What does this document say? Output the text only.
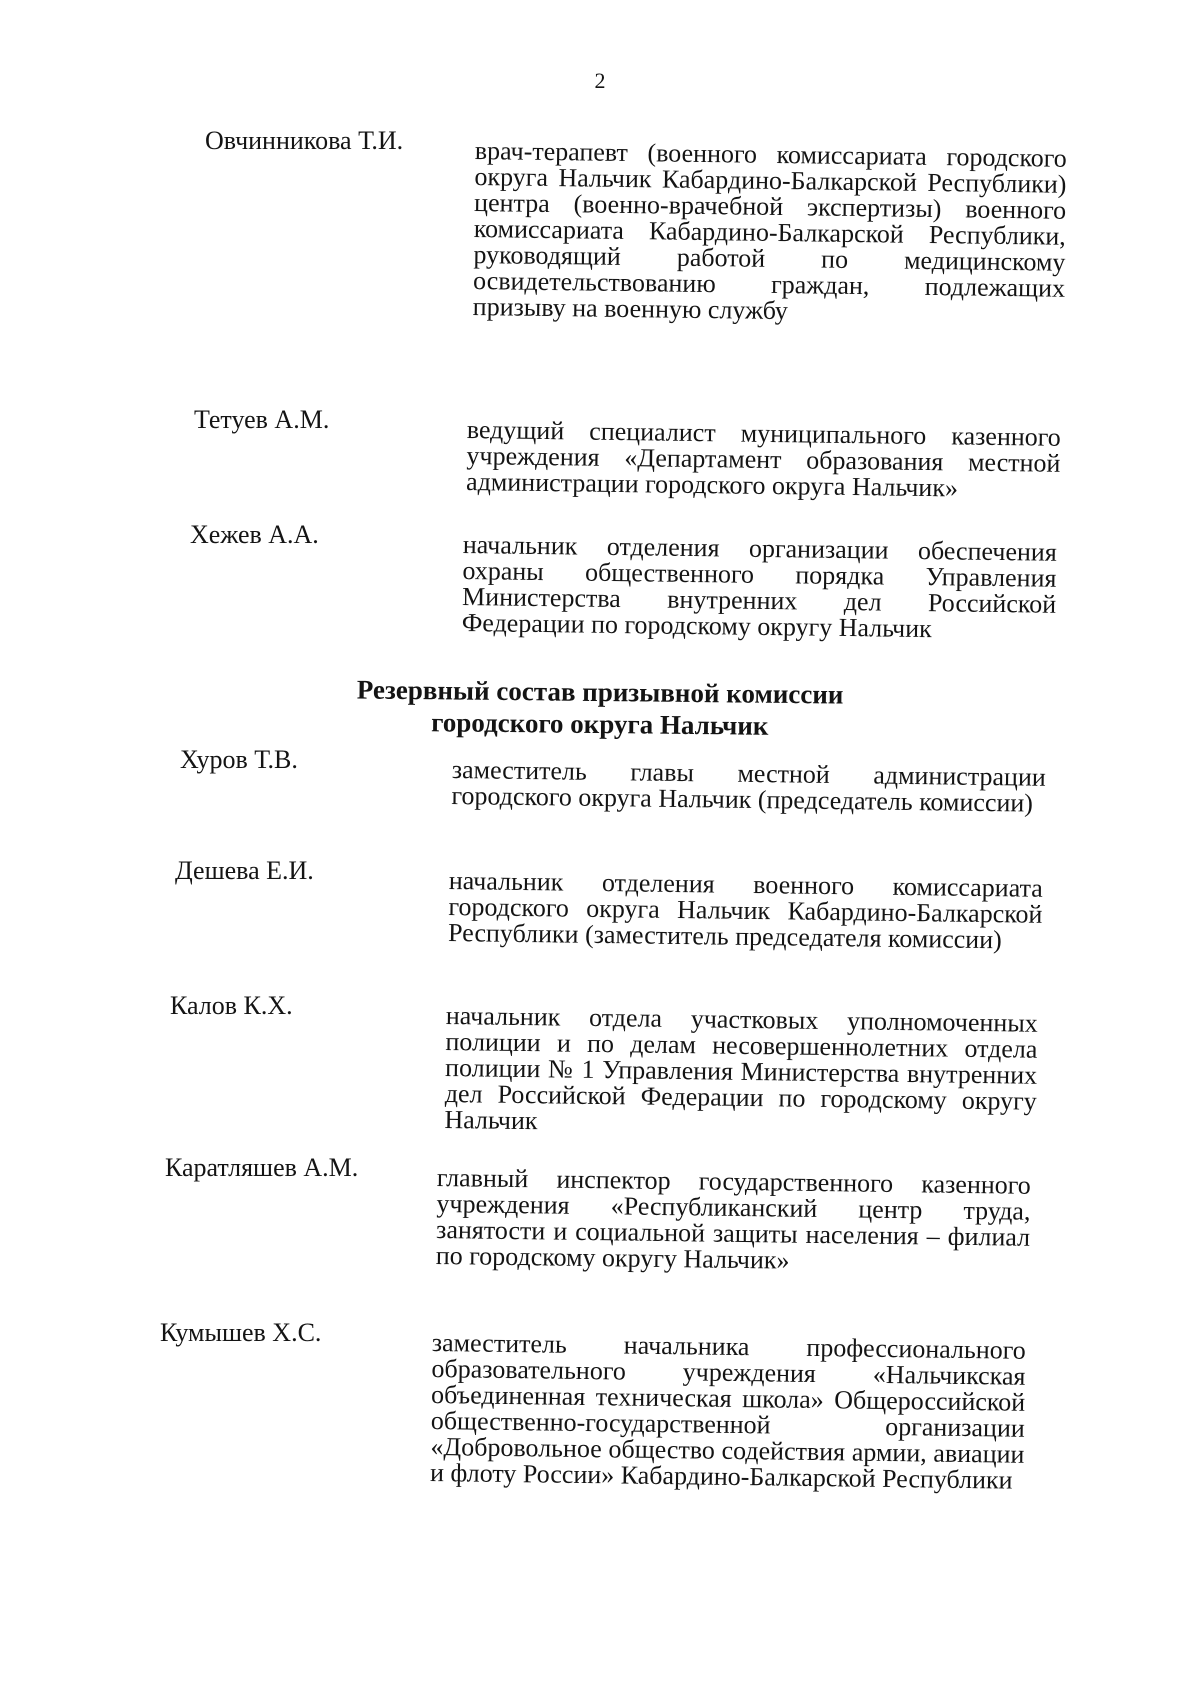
2
Овчинникова Т.И.	врач-терапевт (военного комиссариата городского округа Нальчик Кабардино-Балкарской Республики) центра (военно-врачебной экспертизы) военного комиссариата Кабардино-Балкарской Республики, руководящий работой по медицинскому освидетельствованию граждан, подлежащих призыву на военную службу
Тетуев А.М.	ведущий специалист муниципального казенного учреждения «Департамент образования местной администрации городского округа Нальчик»
Хежев А.А.	начальник отделения организации обеспечения охраны общественного порядка Управления Министерства внутренних дел Российской Федерации по городскому округу Нальчик
Резервный состав призывной комиссии
городского округа Нальчик
Хуров Т.В.	заместитель главы местной администрации городского округа Нальчик (председатель комиссии)
Дешева Е.И.	начальник отделения военного комиссариата городского округа Нальчик Кабардино-Балкарской Республики (заместитель председателя комиссии)
Калов К.Х.	начальник отдела участковых уполномоченных полиции и по делам несовершеннолетних отдела полиции № 1 Управления Министерства внутренних дел Российской Федерации по городскому округу Нальчик
Каратляшев А.М.	главный инспектор государственного казенного учреждения «Республиканский центр труда, занятости и социальной защиты населения – филиал по городскому округу Нальчик»
Кумышев Х.С.	заместитель начальника профессионального образовательного учреждения «Нальчикская объединенная техническая школа» Общероссийской общественно-государственной организации «Добровольное общество содействия армии, авиации и флоту России» Кабардино-Балкарской Республики
